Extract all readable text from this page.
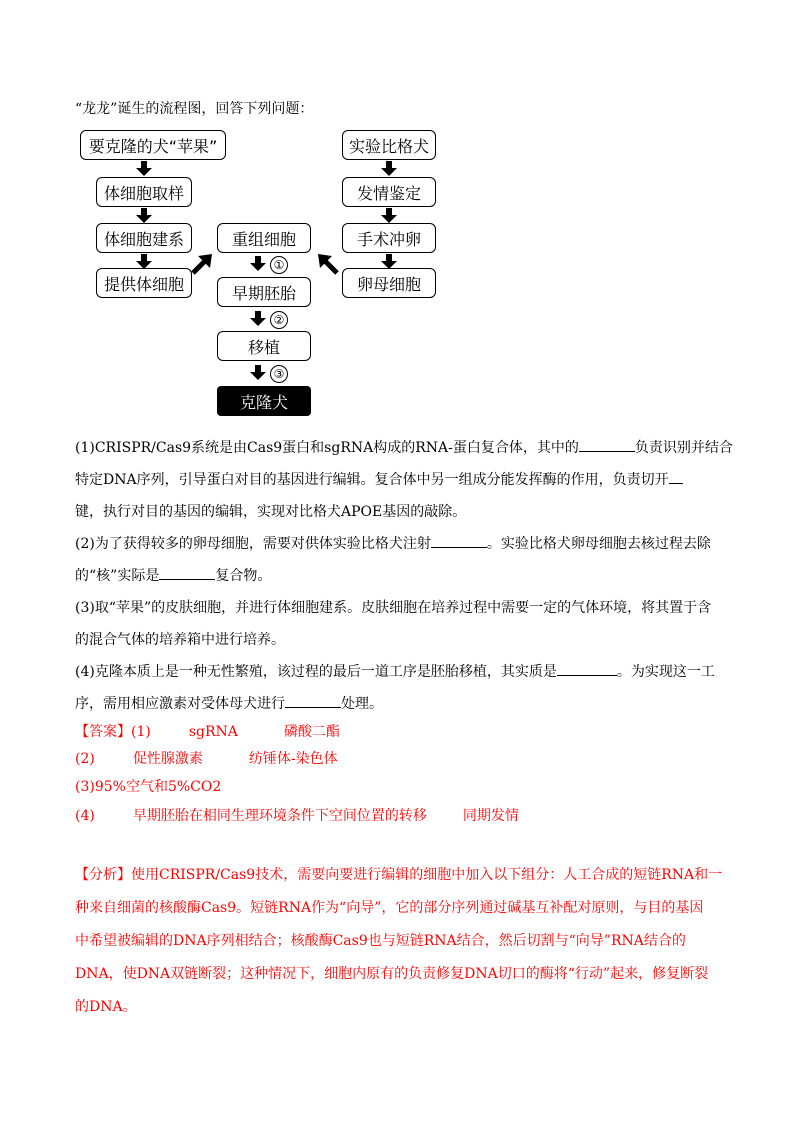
“龙龙”诞生的流程图，回答下列问题：
要克隆的犬“苹果”
体细胞取样
体细胞建系
提供体细胞
实验比格犬
发情鉴定
手术冲卵
卵母细胞
重组细胞
①
早期胚胎
②
移植
③
克隆犬
(1)CRISPR/Cas9系统是由Cas9蛋白和sgRNA构成的RNA-蛋白复合体，其中的	负责识别并结合
特定DNA序列，引导蛋白对目的基因进行编辑。复合体中另一组成分能发挥酶的作用，负责切开
键，执行对目的基因的编辑，实现对比格犬APOE基因的敲除。
(2)为了获得较多的卵母细胞，需要对供体实验比格犬注射	。实验比格犬卵母细胞去核过程去除
的“核”实际是	复合物。
(3)取“苹果”的皮肤细胞，并进行体细胞建系。皮肤细胞在培养过程中需要一定的气体环境，将其置于含
的混合气体的培养箱中进行培养。
(4)克隆本质上是一种无性繁殖，该过程的最后一道工序是胚胎移植，其实质是	。为实现这一工
序，需用相应激素对受体母犬进行	处理。
【答案】(1)	sgRNA	磷酸二酯
(2)	促性腺激素	纺锤体-染色体
(3)95%空气和5%CO2
(4)	早期胚胎在相同生理环境条件下空间位置的转移	同期发情
【分析】使用CRISPR/Cas9技术，需要向要进行编辑的细胞中加入以下组分：人工合成的短链RNA和一
种来自细菌的核酸酶Cas9。短链RNA作为“向导”，它的部分序列通过碱基互补配对原则，与目的基因
中希望被编辑的DNA序列相结合；核酸酶Cas9也与短链RNA结合，然后切割与“向导”RNA结合的
DNA，使DNA双链断裂；这种情况下，细胞内原有的负责修复DNA切口的酶将“行动”起来，修复断裂
的DNA。
